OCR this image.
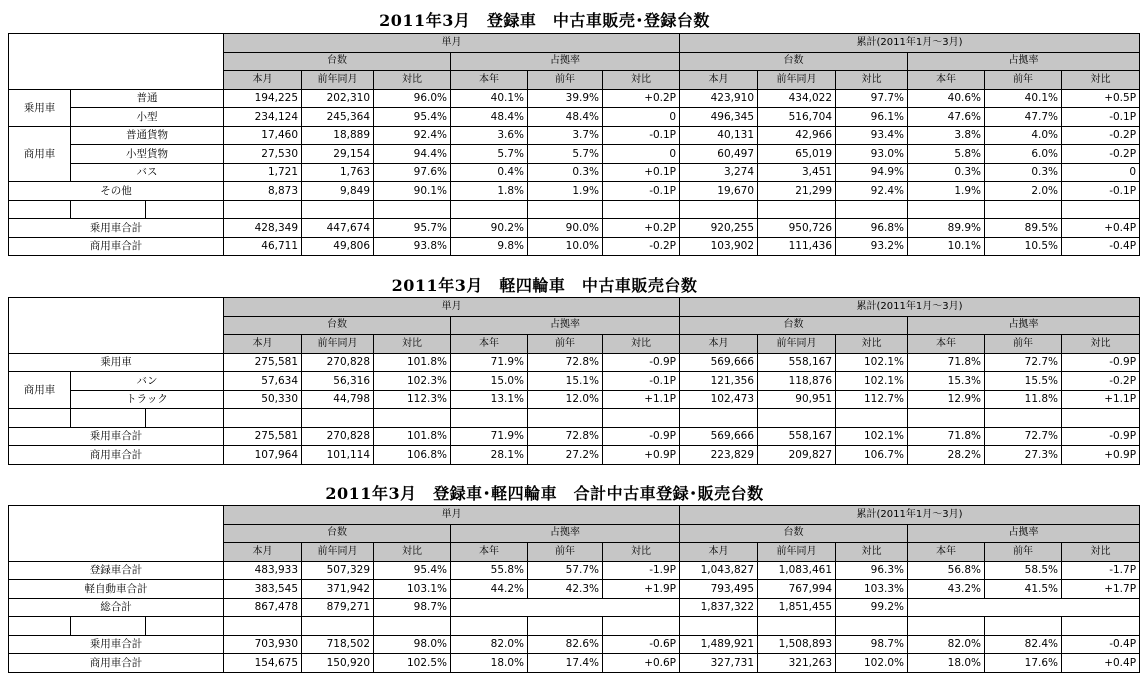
2011年3月　登録車　中古車販売･登録台数
			単月						累計(2011年1月～3月)					
			台数			占拠率			台数			占拠率		
			本月	前年同月	対比	本年	前年	対比	本月	前年同月	対比	本年	前年	対比
乗用車	普通		194,225	202,310	96.0%	40.1%	39.9%	+0.2P	423,910	434,022	97.7%	40.6%	40.1%	+0.5P
	小型		234,124	245,364	95.4%	48.4%	48.4%	0	496,345	516,704	96.1%	47.6%	47.7%	-0.1P
商用車	普通貨物		17,460	18,889	92.4%	3.6%	3.7%	-0.1P	40,131	42,966	93.4%	3.8%	4.0%	-0.2P
	小型貨物		27,530	29,154	94.4%	5.7%	5.7%	0	60,497	65,019	93.0%	5.8%	6.0%	-0.2P
	バス		1,721	1,763	97.6%	0.4%	0.3%	+0.1P	3,274	3,451	94.9%	0.3%	0.3%	0
その他			8,873	9,849	90.1%	1.8%	1.9%	-0.1P	19,670	21,299	92.4%	1.9%	2.0%	-0.1P

乗用車合計			428,349	447,674	95.7%	90.2%	90.0%	+0.2P	920,255	950,726	96.8%	89.9%	89.5%	+0.4P
商用車合計			46,711	49,806	93.8%	9.8%	10.0%	-0.2P	103,902	111,436	93.2%	10.1%	10.5%	-0.4P
2011年3月　軽四輪車　中古車販売台数
			単月						累計(2011年1月～3月)					
			台数			占拠率			台数			占拠率		
			本月	前年同月	対比	本年	前年	対比	本月	前年同月	対比	本年	前年	対比
乗用車			275,581	270,828	101.8%	71.9%	72.8%	-0.9P	569,666	558,167	102.1%	71.8%	72.7%	-0.9P
商用車	バン		57,634	56,316	102.3%	15.0%	15.1%	-0.1P	121,356	118,876	102.1%	15.3%	15.5%	-0.2P
	トラック		50,330	44,798	112.3%	13.1%	12.0%	+1.1P	102,473	90,951	112.7%	12.9%	11.8%	+1.1P

乗用車合計			275,581	270,828	101.8%	71.9%	72.8%	-0.9P	569,666	558,167	102.1%	71.8%	72.7%	-0.9P
商用車合計			107,964	101,114	106.8%	28.1%	27.2%	+0.9P	223,829	209,827	106.7%	28.2%	27.3%	+0.9P
2011年3月　登録車･軽四輪車　合計中古車登録･販売台数
			単月						累計(2011年1月～3月)					
			台数			占拠率			台数			占拠率		
			本月	前年同月	対比	本年	前年	対比	本月	前年同月	対比	本年	前年	対比
登録車合計			483,933	507,329	95.4%	55.8%	57.7%	-1.9P	1,043,827	1,083,461	96.3%	56.8%	58.5%	-1.7P
軽自動車合計			383,545	371,942	103.1%	44.2%	42.3%	+1.9P	793,495	767,994	103.3%	43.2%	41.5%	+1.7P
総合計			867,478	879,271	98.7%				1,837,322	1,851,455	99.2%			

乗用車合計			703,930	718,502	98.0%	82.0%	82.6%	-0.6P	1,489,921	1,508,893	98.7%	82.0%	82.4%	-0.4P
商用車合計			154,675	150,920	102.5%	18.0%	17.4%	+0.6P	327,731	321,263	102.0%	18.0%	17.6%	+0.4P
